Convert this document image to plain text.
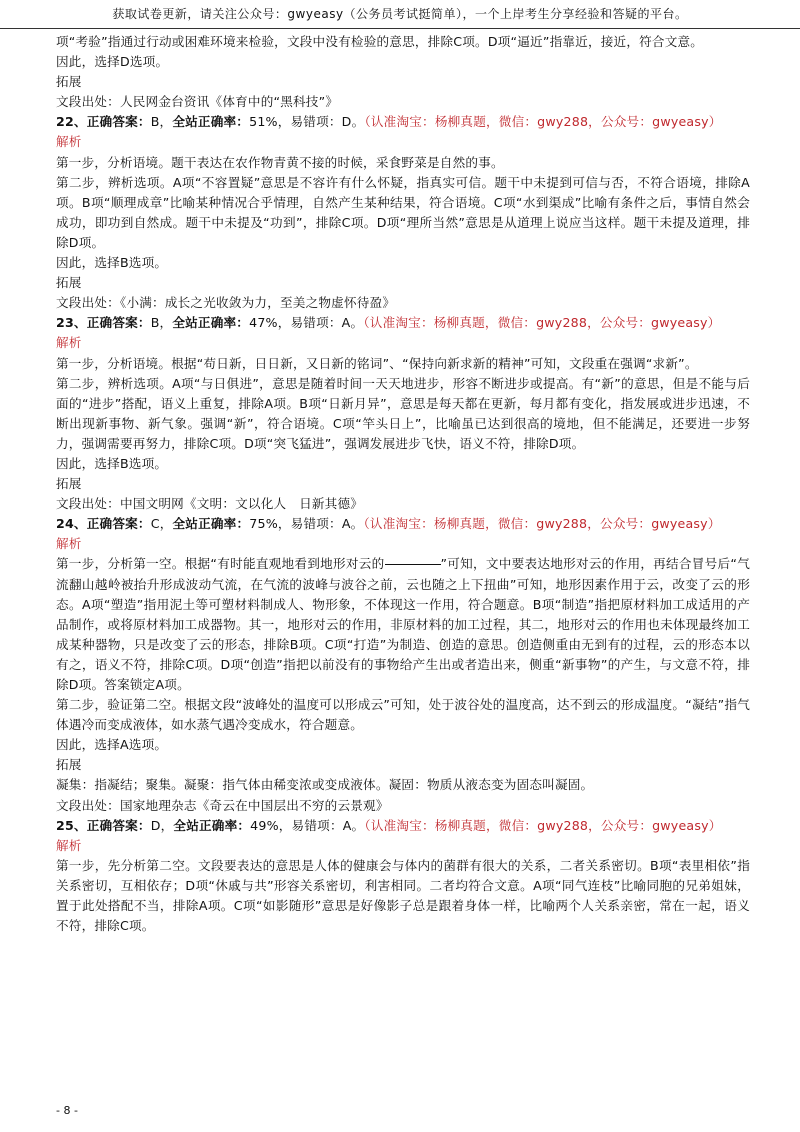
获取试卷更新，请关注公众号：gwyeasy（公务员考试挺简单），一个上岸考生分享经验和答疑的平台。
项“考验”指通过行动或困难环境来检验，文段中没有检验的意思，排除C项。D项“逼近”指靠近，接近，符合文意。
因此，选择D选项。
拓展
文段出处：人民网金台资讯《体育中的“黑科技”》
22、正确答案：B，全站正确率：51%，易错项：D。（认准淘宝：杨柳真题，微信：gwy288，公众号：gwyeasy）
解析
第一步，分析语境。题干表达在农作物青黄不接的时候，采食野菜是自然的事。
第二步，辨析选项。A项“不容置疑”意思是不容许有什么怀疑，指真实可信。题干中未提到可信与否，不符合语境，排除A项。B项“顺理成章”比喻某种情况合乎情理，自然产生某种结果，符合语境。C项“水到渠成”比喻有条件之后，事情自然会成功，即功到自然成。题干中未提及“功到”，排除C项。D项“理所当然”意思是从道理上说应当这样。题干未提及道理，排除D项。
因此，选择B选项。
拓展
文段出处：《小满：成长之光收敛为力，至美之物虚怀待盈》
23、正确答案：B，全站正确率：47%，易错项：A。（认准淘宝：杨柳真题，微信：gwy288，公众号：gwyeasy）
解析
第一步，分析语境。根据“苟日新，日日新，又日新的铭词”、“保持向新求新的精神”可知，文段重在强调“求新”。
第二步，辨析选项。A项“与日俱进”，意思是随着时间一天天地进步，形容不断进步或提高。有“新”的意思，但是不能与后面的“进步”搭配，语义上重复，排除A项。B项“日新月异”，意思是每天都在更新，每月都有变化，指发展或进步迅速，不断出现新事物、新气象。强调“新”，符合语境。C项“竿头日上”，比喻虽已达到很高的境地，但不能满足，还要进一步努力，强调需要再努力，排除C项。D项“突飞猛进”，强调发展进步飞快，语义不符，排除D项。
因此，选择B选项。
拓展
文段出处：中国文明网《文明：文以化人　日新其德》
24、正确答案：C，全站正确率：75%，易错项：A。（认准淘宝：杨柳真题，微信：gwy288，公众号：gwyeasy）
解析
第一步，分析第一空。根据“有时能直观地看到地形对云的	”可知，文中要表达地形对云的作用，再结合冒号后“气流翻山越岭被抬升形成波动气流，在气流的波峰与波谷之前，云也随之上下扭曲”可知，地形因素作用于云，改变了云的形态。A项“塑造”指用泥土等可塑材料制成人、物形象，不体现这一作用，符合题意。B项“制造”指把原材料加工成适用的产品制作，或将原材料加工成器物。其一，地形对云的作用，非原材料的加工过程，其二，地形对云的作用也未体现最终加工成某种器物，只是改变了云的形态，排除B项。C项“打造”为制造、创造的意思。创造侧重由无到有的过程，云的形态本以有之，语义不符，排除C项。D项“创造”指把以前没有的事物给产生出或者造出来，侧重“新事物”的产生，与文意不符，排除D项。答案锁定A项。
第二步，验证第二空。根据文段“波峰处的温度可以形成云”可知，处于波谷处的温度高，达不到云的形成温度。“凝结”指气体遇冷而变成液体，如水蒸气遇冷变成水，符合题意。
因此，选择A选项。
拓展
凝集：指凝结；聚集。凝聚：指气体由稀变浓或变成液体。凝固：物质从液态变为固态叫凝固。
文段出处：国家地理杂志《奇云在中国层出不穷的云景观》
25、正确答案：D，全站正确率：49%，易错项：A。（认准淘宝：杨柳真题，微信：gwy288，公众号：gwyeasy）
解析
第一步，先分析第二空。文段要表达的意思是人体的健康会与体内的菌群有很大的关系，二者关系密切。B项“表里相依”指关系密切，互相依存；D项“休戚与共”形容关系密切，利害相同。二者均符合文意。A项“同气连枝”比喻同胞的兄弟姐妹，置于此处搭配不当，排除A项。C项“如影随形”意思是好像影子总是跟着身体一样，比喻两个人关系亲密，常在一起，语义不符，排除C项。
- 8 -
